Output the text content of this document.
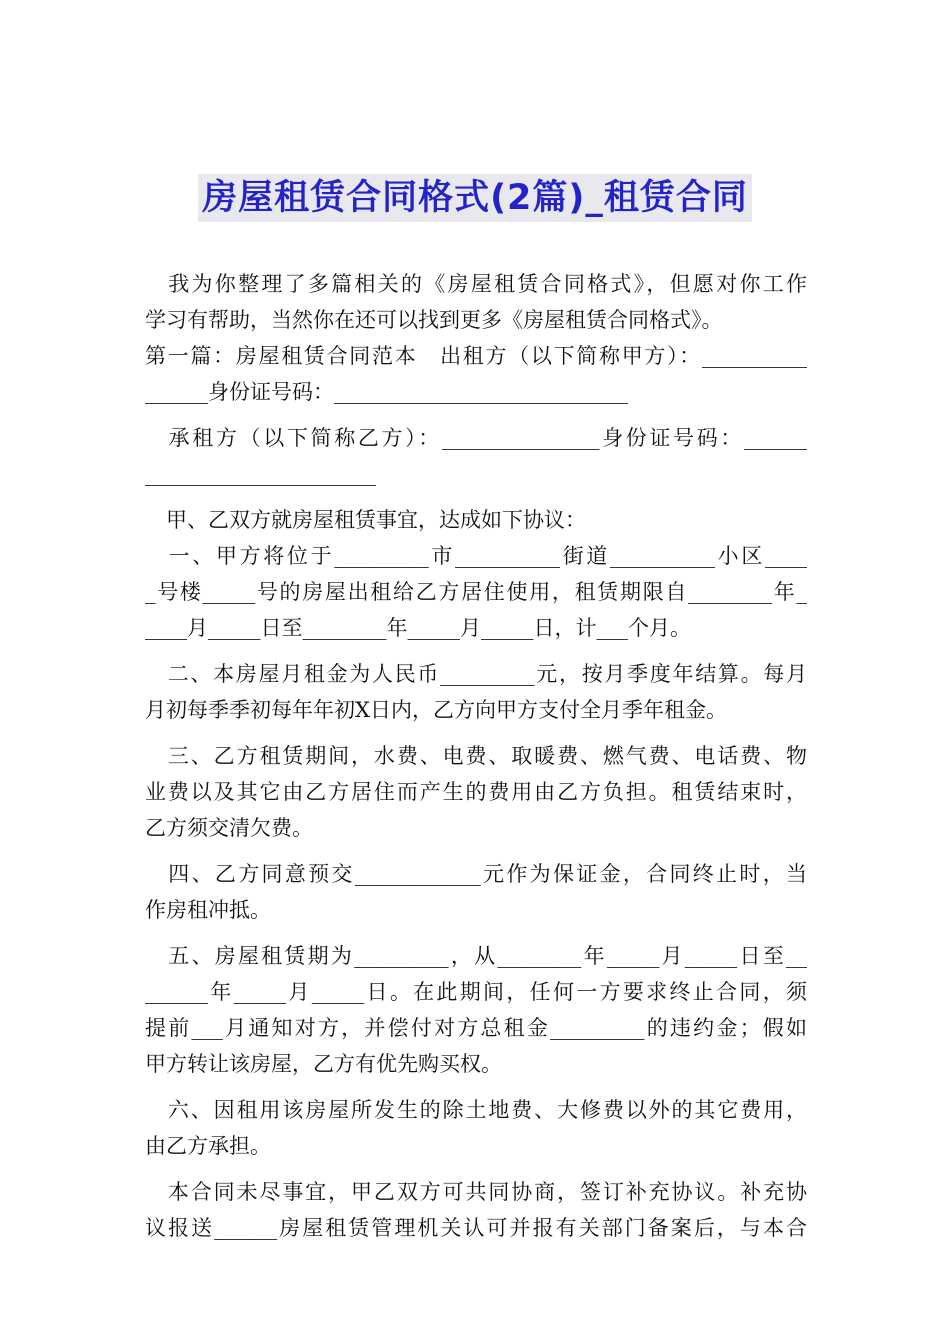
房屋租赁合同格式(2篇)_租赁合同
　我为你整理了多篇相关的《房屋租赁合同格式》，但愿对你工作
学习有帮助，当然你在还可以找到更多《房屋租赁合同格式》。
第一篇：房屋租赁合同范本　出租方（以下简称甲方）：__________
______身份证号码：____________________________
　承租方（以下简称乙方）：_______________身份证号码：______
______________________
　甲、乙双方就房屋租赁事宜，达成如下协议：
　一、甲方将位于_________市__________街道__________小区____
_号楼_____号的房屋出租给乙方居住使用，租赁期限自________年_
____月_____日至________年_____月_____日，计___个月。
　二、本房屋月租金为人民币_________元，按月季度年结算。每月
月初每季季初每年年初X日内，乙方向甲方支付全月季年租金。
　三、乙方租赁期间，水费、电费、取暖费、燃气费、电话费、物
业费以及其它由乙方居住而产生的费用由乙方负担。租赁结束时，
乙方须交清欠费。
　四、乙方同意预交____________元作为保证金，合同终止时，当
作房租冲抵。
　五、房屋租赁期为_________，从________年_____月_____日至__
______年_____月_____日。在此期间，任何一方要求终止合同，须
提前___月通知对方，并偿付对方总租金_________的违约金；假如
甲方转让该房屋，乙方有优先购买权。
　六、因租用该房屋所发生的除土地费、大修费以外的其它费用，
由乙方承担。
　本合同未尽事宜，甲乙双方可共同协商，签订补充协议。补充协
议报送______房屋租赁管理机关认可并报有关部门备案后，与本合
